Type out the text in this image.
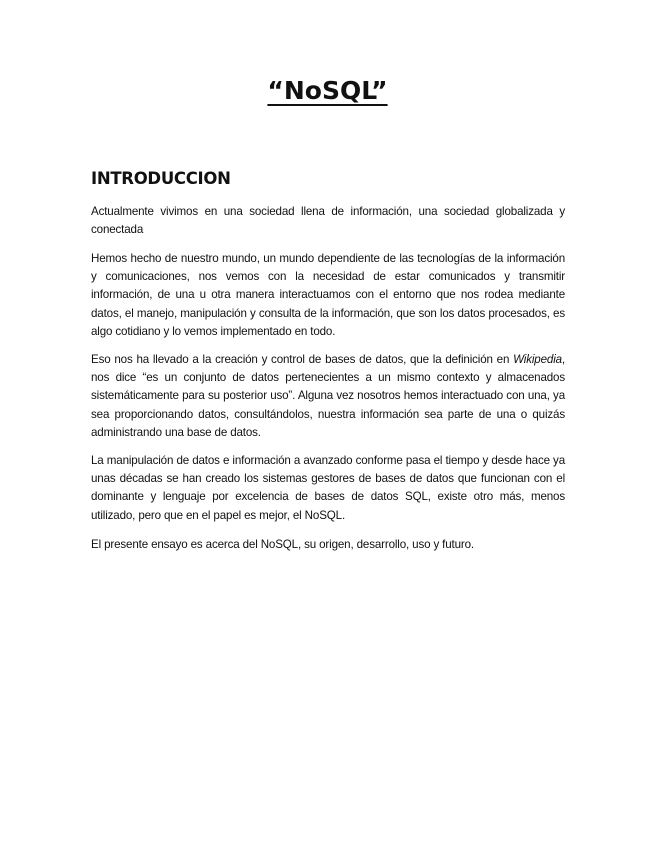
“NoSQL”
INTRODUCCION
Actualmente vivimos en una sociedad llena de información, una sociedad globalizada y conectada
Hemos hecho de nuestro mundo, un mundo dependiente de las tecnologías de la información y comunicaciones, nos vemos con la necesidad de estar comunicados y transmitir información, de una u otra manera interactuamos con el entorno que nos rodea mediante datos, el manejo, manipulación y consulta de la información, que son los datos procesados, es algo cotidiano y lo vemos implementado en todo.
Eso nos ha llevado a la creación y control de bases de datos, que la definición en Wikipedia, nos dice “es un conjunto de datos pertenecientes a un mismo contexto y almacenados sistemáticamente para su posterior uso”. Alguna vez nosotros hemos interactuado con una, ya sea proporcionando datos, consultándolos, nuestra información sea parte de una o quizás administrando una base de datos.
La manipulación de datos e información a avanzado conforme pasa el tiempo y desde hace ya unas décadas se han creado los sistemas gestores de bases de datos que funcionan con el dominante y lenguaje por excelencia de bases de datos SQL, existe otro más, menos utilizado, pero que en el papel es mejor, el NoSQL.
El presente ensayo es acerca del NoSQL, su origen, desarrollo, uso y futuro.
